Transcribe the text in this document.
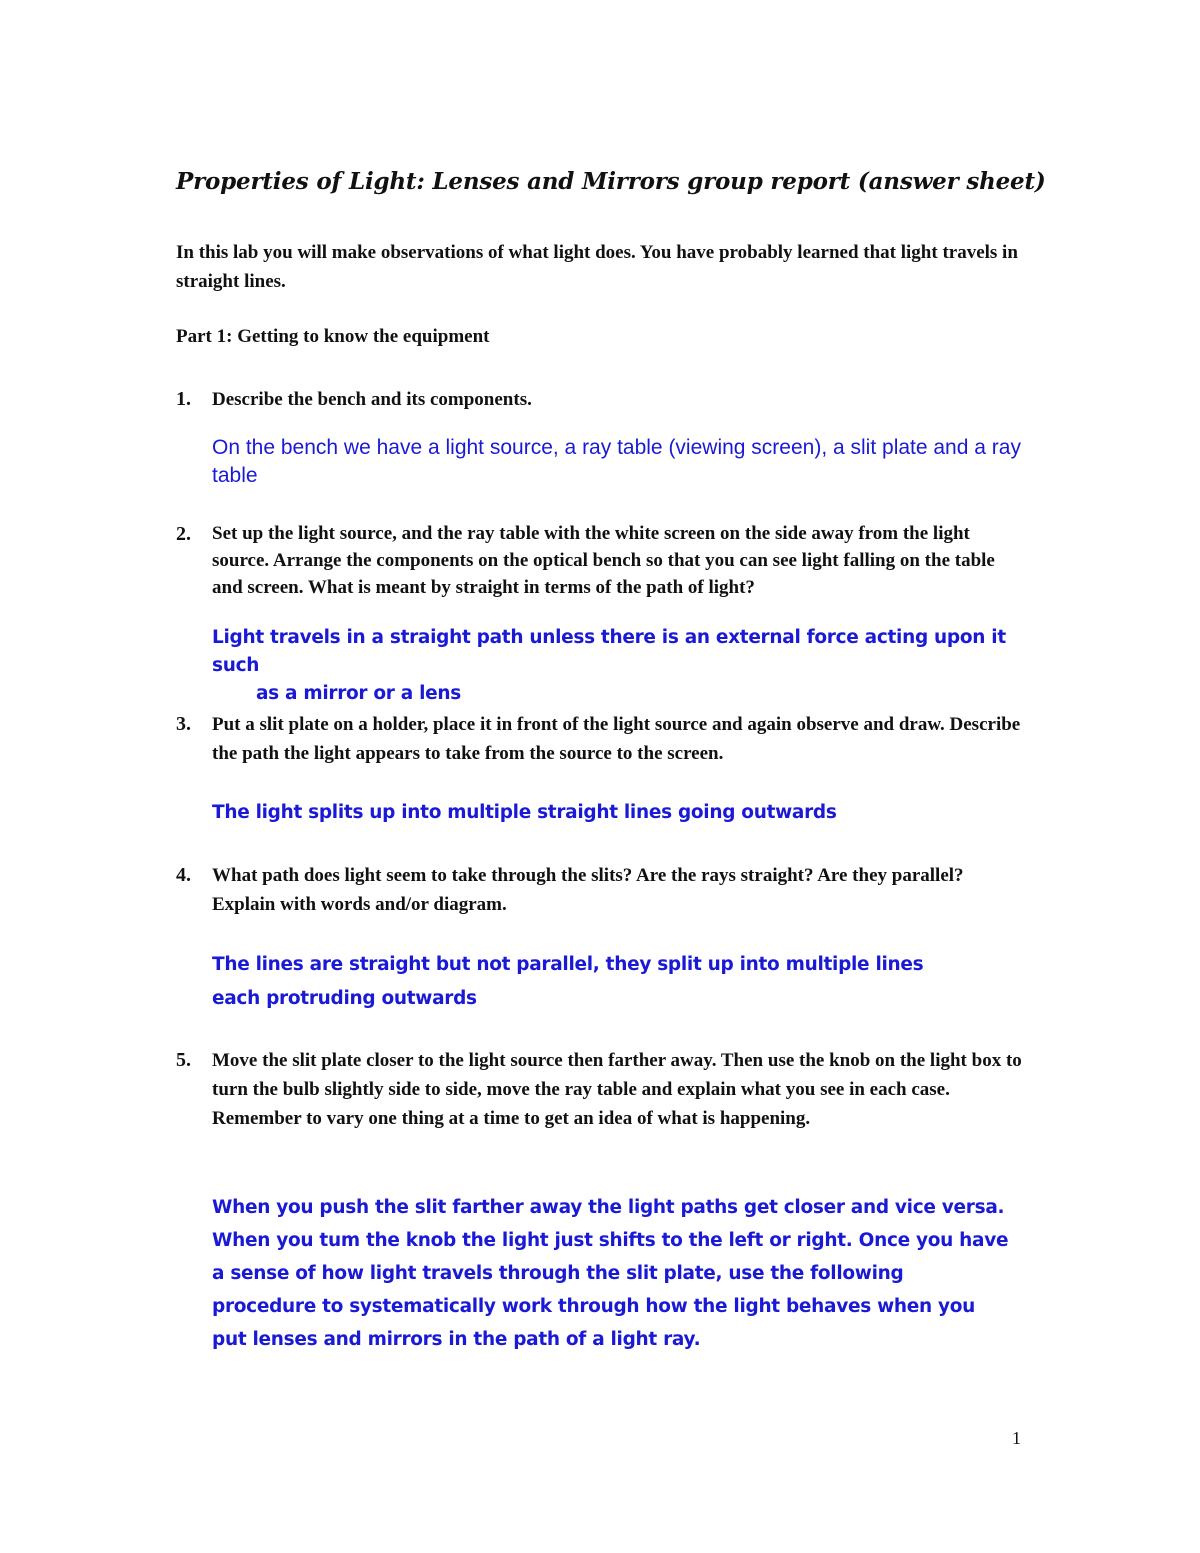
Properties of Light: Lenses and Mirrors group report (answer sheet)
In this lab you will make observations of what light does. You have probably learned that light travels in straight lines.
Part 1: Getting to know the equipment
1. Describe the bench and its components.
On the bench we have a light source, a ray table (viewing screen), a slit plate and a ray table
2. Set up the light source, and the ray table with the white screen on the side away from the light source. Arrange the components on the optical bench so that you can see light falling on the table and screen. What is meant by straight in terms of the path of light?
Light travels in a straight path unless there is an external force acting upon it such
as a mirror or a lens
3. Put a slit plate on a holder, place it in front of the light source and again observe and draw. Describe the path the light appears to take from the source to the screen.
The light splits up into multiple straight lines going outwards
4. What path does light seem to take through the slits? Are the rays straight? Are they parallel? Explain with words and/or diagram.
The lines are straight but not parallel, they split up into multiple lines each protruding outwards
5. Move the slit plate closer to the light source then farther away. Then use the knob on the light box to turn the bulb slightly side to side, move the ray table and explain what you see in each case. Remember to vary one thing at a time to get an idea of what is happening.
When you push the slit farther away the light paths get closer and vice versa. When you tum the knob the light just shifts to the left or right. Once you have a sense of how light travels through the slit plate, use the following procedure to systematically work through how the light behaves when you put lenses and mirrors in the path of a light ray.
1
